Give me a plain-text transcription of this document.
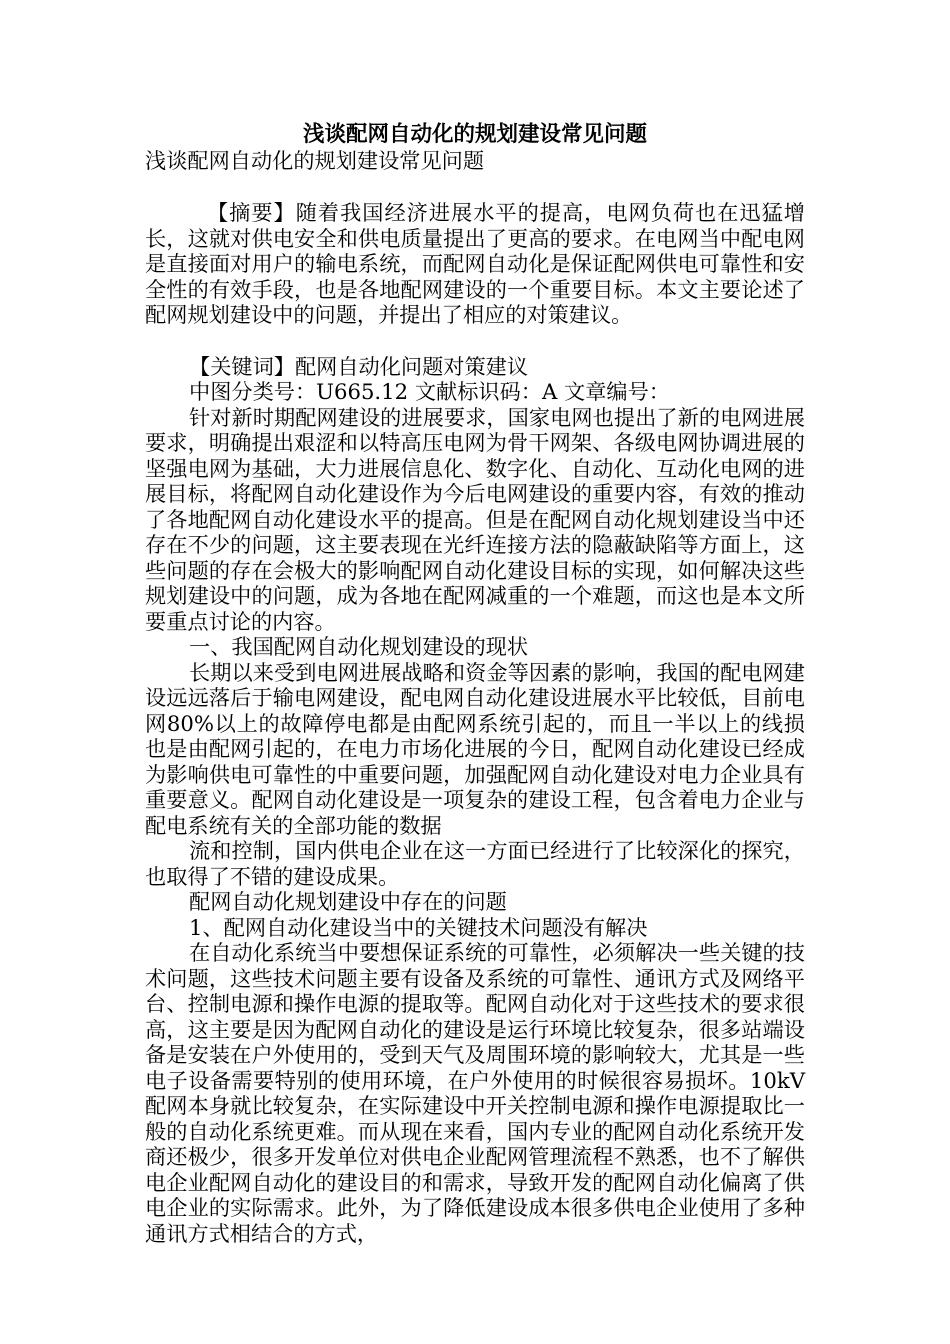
浅谈配网自动化的规划建设常见问题

浅谈配网自动化的规划建设常见问题

【摘要】随着我国经济进展水平的提高，电网负荷也在迅猛增长，这就对供电安全和供电质量提出了更高的要求。在电网当中配电网是直接面对用户的输电系统，而配网自动化是保证配网供电可靠性和安全性的有效手段，也是各地配网建设的一个重要目标。本文主要论述了配网规划建设中的问题，并提出了相应的对策建议。

【关键词】配网自动化问题对策建议

中图分类号：U665.12 文献标识码：A 文章编号：

针对新时期配网建设的进展要求，国家电网也提出了新的电网进展要求，明确提出艰涩和以特高压电网为骨干网架、各级电网协调进展的坚强电网为基础，大力进展信息化、数字化、自动化、互动化电网的进展目标，将配网自动化建设作为今后电网建设的重要内容，有效的推动了各地配网自动化建设水平的提高。但是在配网自动化规划建设当中还存在不少的问题，这主要表现在光纤连接方法的隐蔽缺陷等方面上，这些问题的存在会极大的影响配网自动化建设目标的实现，如何解决这些规划建设中的问题，成为各地在配网减重的一个难题，而这也是本文所要重点讨论的内容。

一、我国配网自动化规划建设的现状

长期以来受到电网进展战略和资金等因素的影响，我国的配电网建设远远落后于输电网建设，配电网自动化建设进展水平比较低，目前电网80%以上的故障停电都是由配网系统引起的，而且一半以上的线损也是由配网引起的，在电力市场化进展的今日，配网自动化建设已经成为影响供电可靠性的中重要问题，加强配网自动化建设对电力企业具有重要意义。配网自动化建设是一项复杂的建设工程，包含着电力企业与配电系统有关的全部功能的数据

流和控制，国内供电企业在这一方面已经进行了比较深化的探究，也取得了不错的建设成果。

配网自动化规划建设中存在的问题

1、配网自动化建设当中的关键技术问题没有解决

在自动化系统当中要想保证系统的可靠性，必须解决一些关键的技术问题，这些技术问题主要有设备及系统的可靠性、通讯方式及网络平台、控制电源和操作电源的提取等。配网自动化对于这些技术的要求很高，这主要是因为配网自动化的建设是运行环境比较复杂，很多站端设备是安装在户外使用的，受到天气及周围环境的影响较大，尤其是一些电子设备需要特别的使用环境，在户外使用的时候很容易损坏。10kV配网本身就比较复杂，在实际建设中开关控制电源和操作电源提取比一般的自动化系统更难。而从现在来看，国内专业的配网自动化系统开发商还极少，很多开发单位对供电企业配网管理流程不熟悉，也不了解供电企业配网自动化的建设目的和需求，导致开发的配网自动化偏离了供电企业的实际需求。此外，为了降低建设成本很多供电企业使用了多种通讯方式相结合的方式，
